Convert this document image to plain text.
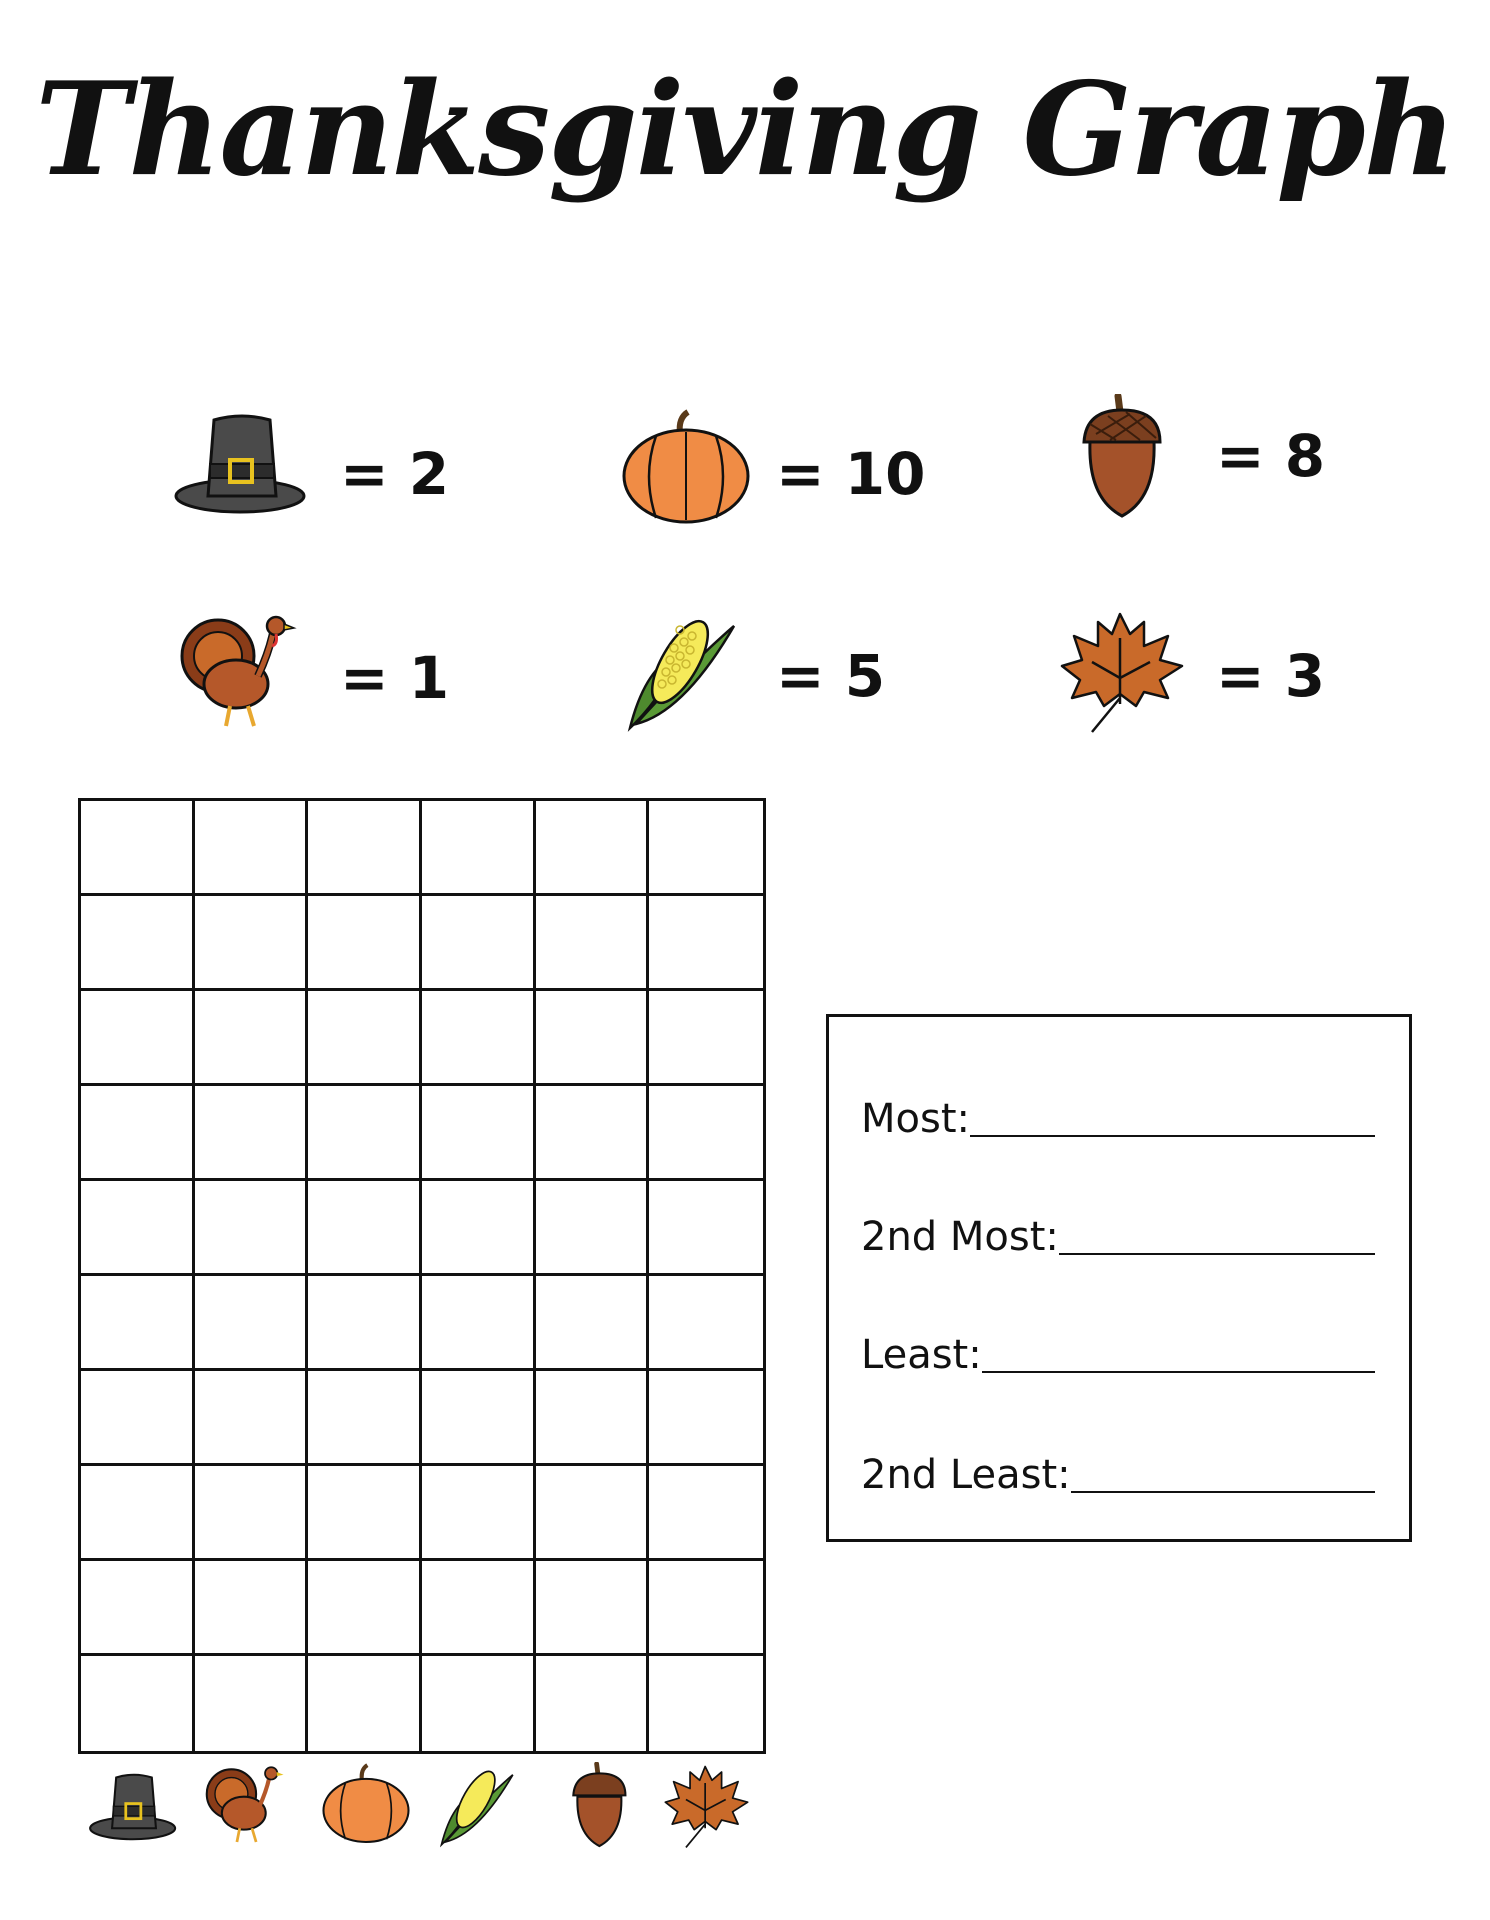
Thanksgiving Graph
= 2	= 10	= 8
= 1	= 5	= 3
Most:
2nd Most:
Least:
2nd Least:
